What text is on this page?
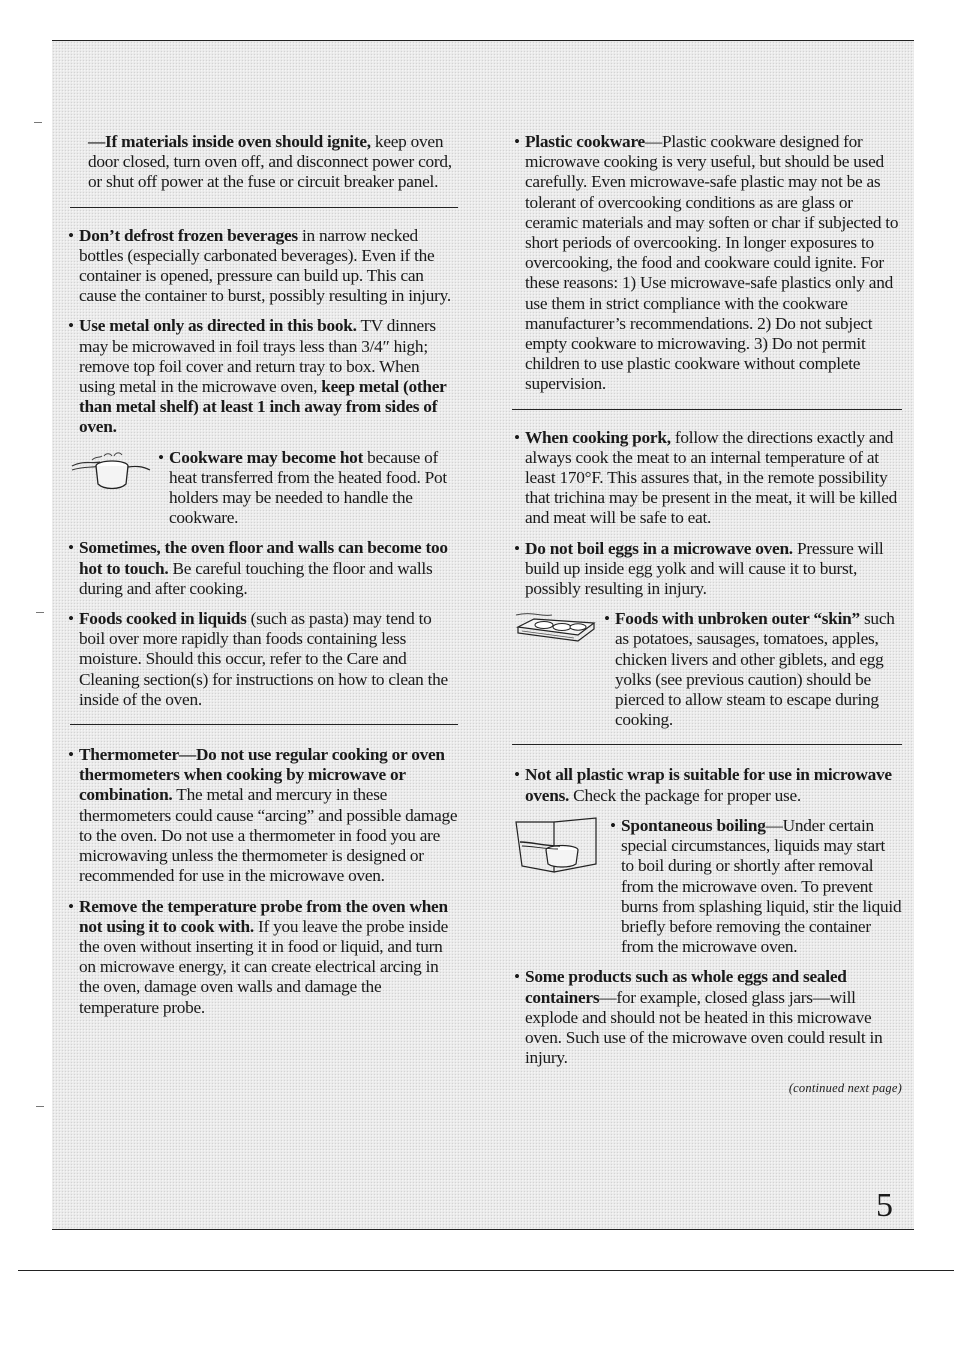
—If materials inside oven should ignite, keep oven door closed, turn oven off, and disconnect power cord, or shut off power at the fuse or circuit breaker panel.

• Don’t defrost frozen beverages in narrow necked bottles (especially carbonated beverages). Even if the container is opened, pressure can build up. This can cause the container to burst, possibly resulting in injury.

• Use metal only as directed in this book. TV dinners may be microwaved in foil trays less than 3/4″ high; remove top foil cover and return tray to box. When using metal in the microwave oven, keep metal (other than metal shelf) at least 1 inch away from sides of oven.

• Cookware may become hot because of heat transferred from the heated food. Pot holders may be needed to handle the cookware.

• Sometimes, the oven floor and walls can become too hot to touch. Be careful touching the floor and walls during and after cooking.

• Foods cooked in liquids (such as pasta) may tend to boil over more rapidly than foods containing less moisture. Should this occur, refer to the Care and Cleaning section(s) for instructions on how to clean the inside of the oven.

• Thermometer—Do not use regular cooking or oven thermometers when cooking by microwave or combination. The metal and mercury in these thermometers could cause “arcing” and possible damage to the oven. Do not use a thermometer in food you are microwaving unless the thermometer is designed or recommended for use in the microwave oven.

• Remove the temperature probe from the oven when not using it to cook with. If you leave the probe inside the oven without inserting it in food or liquid, and turn on microwave energy, it can create electrical arcing in the oven, damage oven walls and damage the temperature probe.

• Plastic cookware—Plastic cookware designed for microwave cooking is very useful, but should be used carefully. Even microwave-safe plastic may not be as tolerant of overcooking conditions as are glass or ceramic materials and may soften or char if subjected to short periods of overcooking. In longer exposures to overcooking, the food and cookware could ignite. For these reasons: 1) Use microwave-safe plastics only and use them in strict compliance with the cookware manufacturer’s recommendations. 2) Do not subject empty cookware to microwaving. 3) Do not permit children to use plastic cookware without complete supervision.

• When cooking pork, follow the directions exactly and always cook the meat to an internal temperature of at least 170°F. This assures that, in the remote possibility that trichina may be present in the meat, it will be killed and meat will be safe to eat.

• Do not boil eggs in a microwave oven. Pressure will build up inside egg yolk and will cause it to burst, possibly resulting in injury.

• Foods with unbroken outer “skin” such as potatoes, sausages, tomatoes, apples, chicken livers and other giblets, and egg yolks (see previous caution) should be pierced to allow steam to escape during cooking.

• Not all plastic wrap is suitable for use in microwave ovens. Check the package for proper use.

• Spontaneous boiling—Under certain special circumstances, liquids may start to boil during or shortly after removal from the microwave oven. To prevent burns from splashing liquid, stir the liquid briefly before removing the container from the microwave oven.

• Some products such as whole eggs and sealed containers—for example, closed glass jars—will explode and should not be heated in this microwave oven. Such use of the microwave oven could result in injury.

(continued next page)

5
